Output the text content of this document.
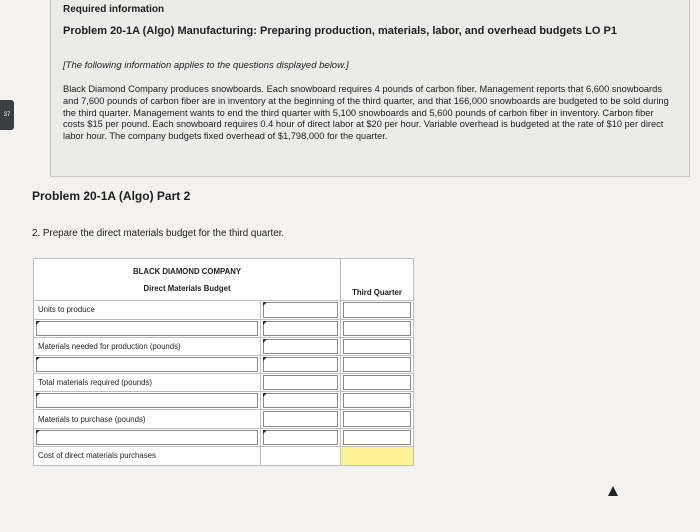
37
Required information
Problem 20-1A (Algo) Manufacturing: Preparing production, materials, labor, and overhead budgets LO P1
[The following information applies to the questions displayed below.]
Black Diamond Company produces snowboards. Each snowboard requires 4 pounds of carbon fiber. Management reports that 6,600 snowboards and 7,600 pounds of carbon fiber are in inventory at the beginning of the third quarter, and that 166,000 snowboards are budgeted to be sold during the third quarter. Management wants to end the third quarter with 5,100 snowboards and 5,600 pounds of carbon fiber in inventory. Carbon fiber costs $15 per pound. Each snowboard requires 0.4 hour of direct labor at $20 per hour. Variable overhead is budgeted at the rate of $10 per direct labor hour. The company budgets fixed overhead of $1,798,000 for the quarter.
Problem 20-1A (Algo) Part 2
2. Prepare the direct materials budget for the third quarter.
BLACK DIAMOND COMPANY
Direct Materials Budget		Third Quarter
Units to produce	

Materials needed for production (pounds)	

Total materials required (pounds)	

Materials to purchase (pounds)	

Cost of direct materials purchases		
